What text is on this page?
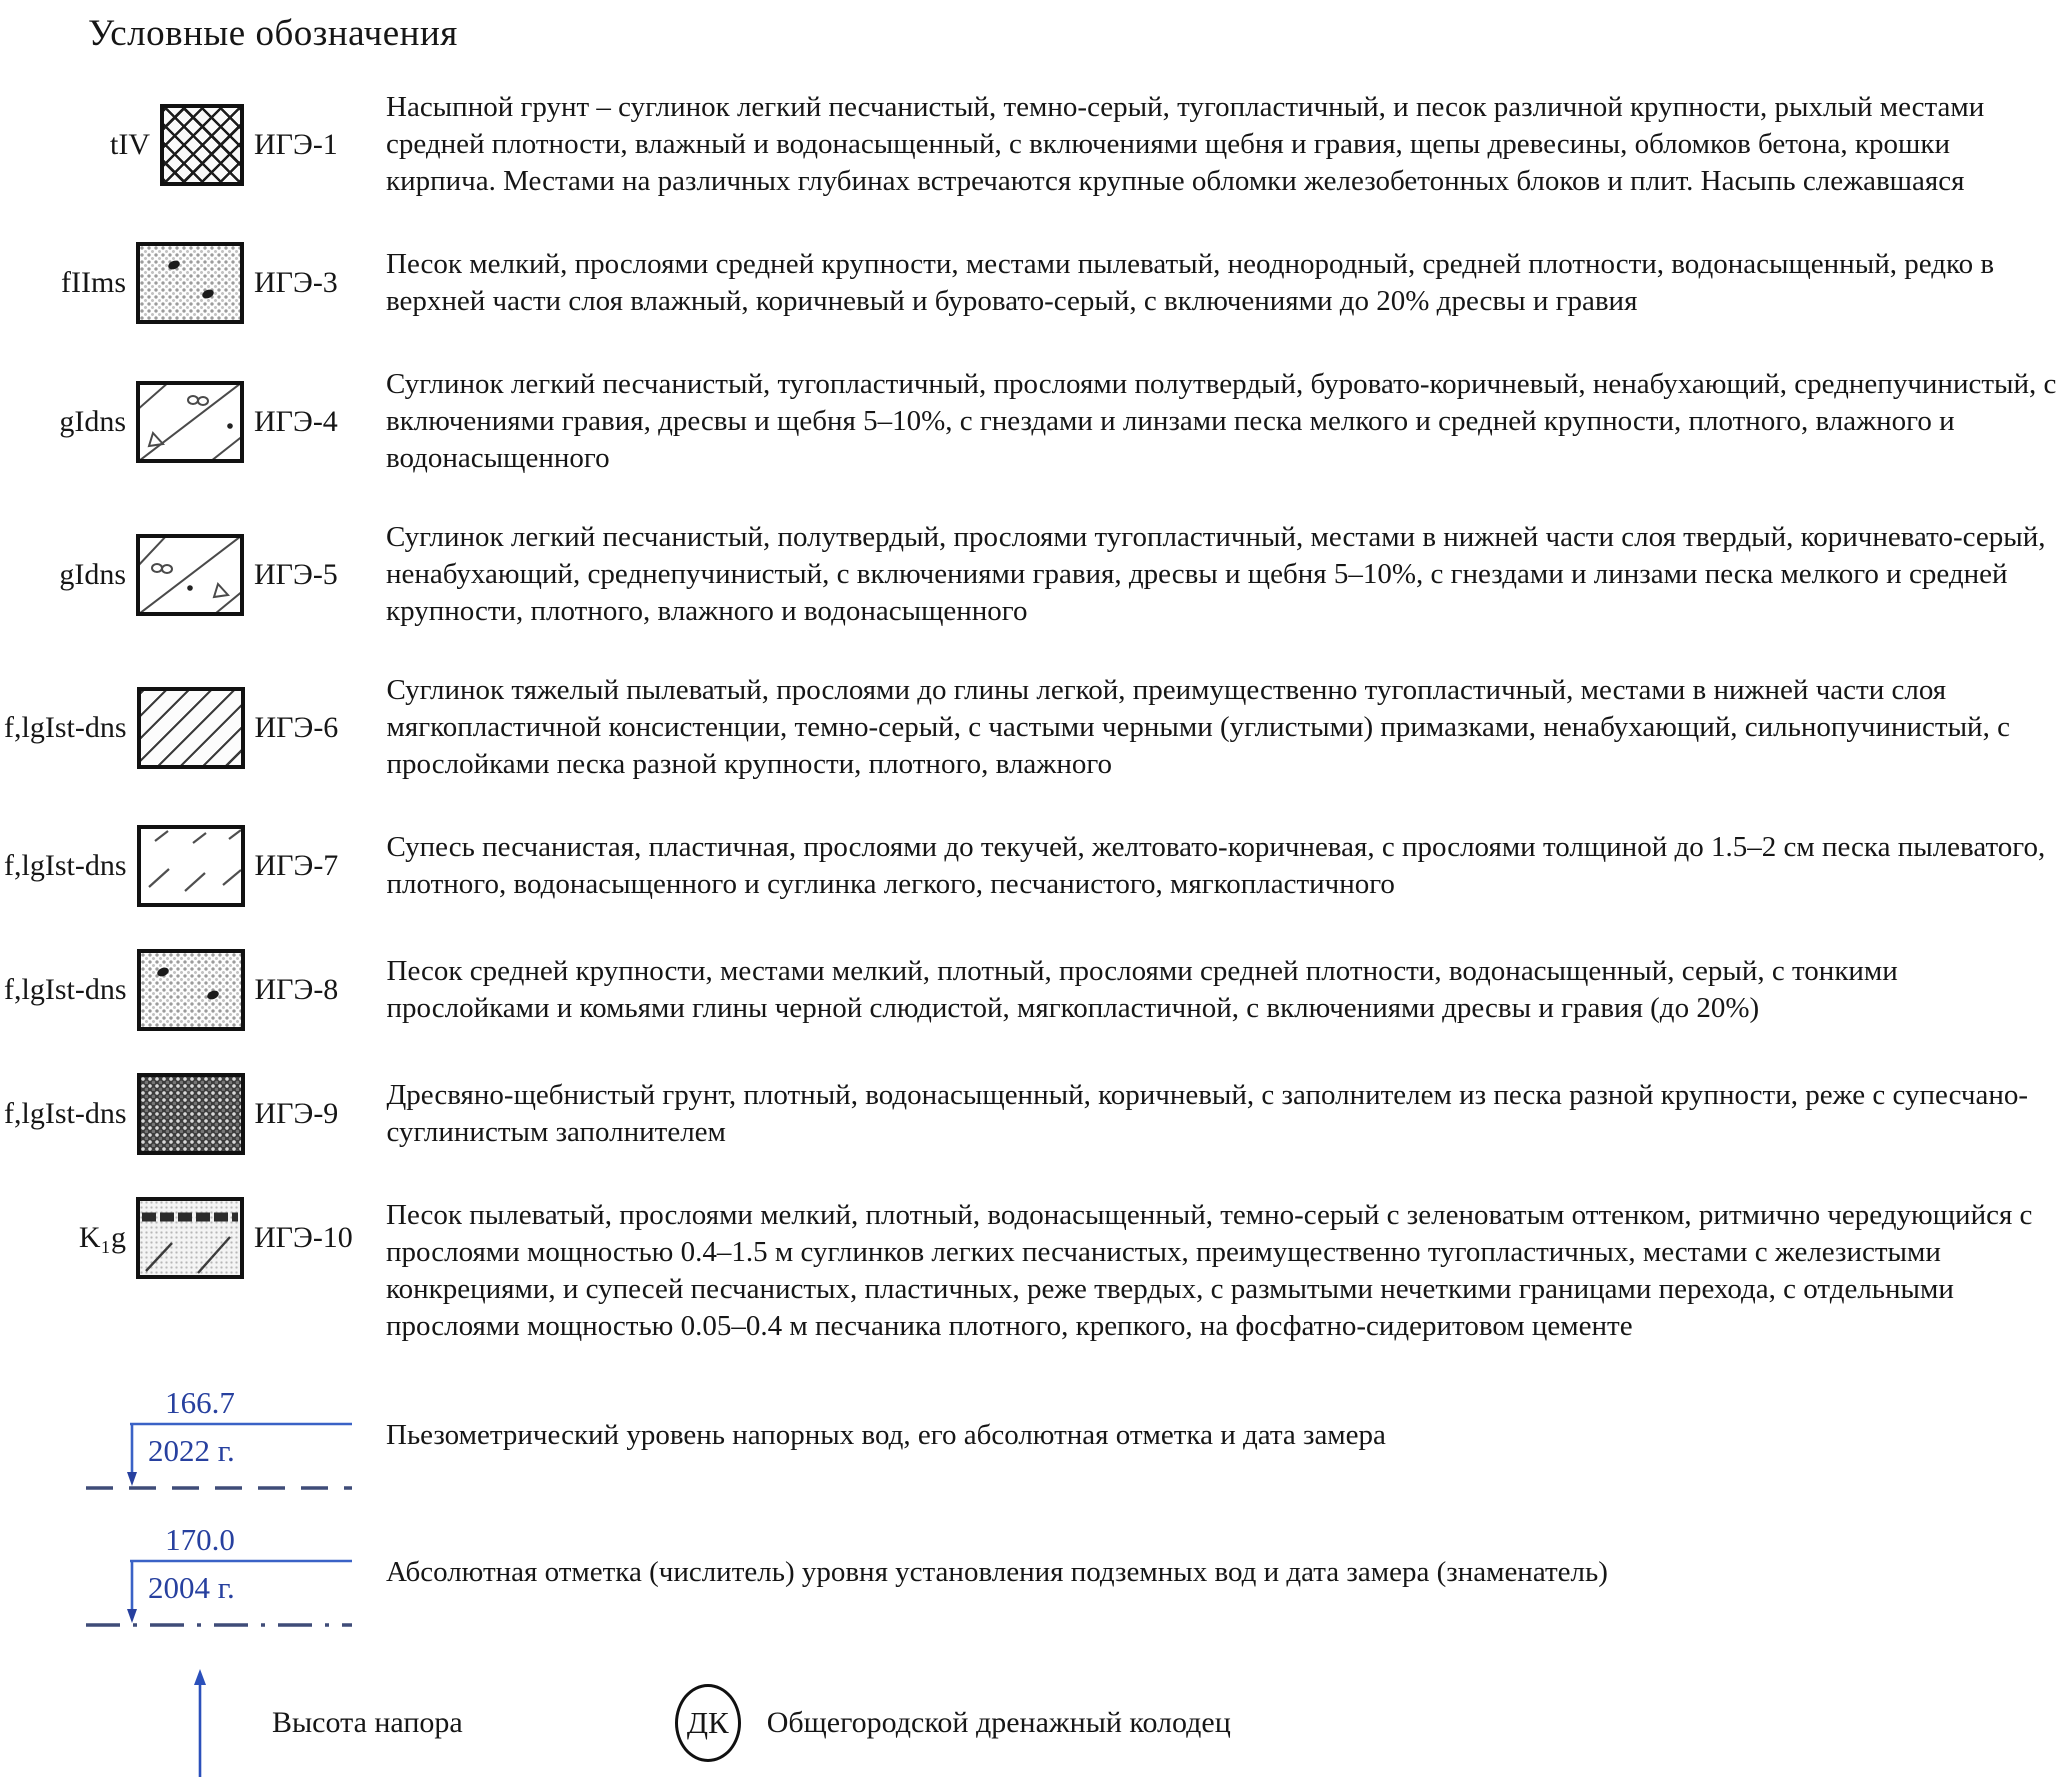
Условные обозначения
tIV	ИГЭ-1

Насыпной грунт – суглинок легкий песчанистый, темно-серый, тугопластичный, и песок различной крупности, рыхлый местами средней плотности, влажный и водонасыщенный, с включениями щебня и гравия, щепы древесины, обломков бетона, крошки кирпича. Местами на различных глубинах встречаются крупные обломки железобетонных блоков и плит. Насыпь слежавшаяся

fIIms	ИГЭ-3

Песок мелкий, прослоями средней крупности, местами пылеватый, неоднородный, средней плотности, водонасыщенный, редко в верхней части слоя влажный, коричневый и буровато-серый, с включениями до 20% дресвы и гравия

gIdns	ИГЭ-4

Суглинок легкий песчанистый, тугопластичный, прослоями полутвердый, буровато-коричневый, ненабухающий, среднепучинистый, с включениями гравия, дресвы и щебня 5–10%, с гнездами и линзами песка мелкого и средней крупности, плотного, влажного и водонасыщенного

gIdns	ИГЭ-5

Суглинок легкий песчанистый, полутвердый, прослоями тугопластичный, местами в нижней части слоя твердый, коричневато-серый, ненабухающий, среднепучинистый, с включениями гравия, дресвы и щебня 5–10%, с гнездами и линзами песка мелкого и средней крупности, плотного, влажного и водонасыщенного

f,lgIst-dns	ИГЭ-6

Суглинок тяжелый пылеватый, прослоями до глины легкой, преимущественно тугопластичный, местами в нижней части слоя мягкопластичной консистенции, темно-серый, с частыми черными (углистыми) примазками, ненабухающий, сильнопучинистый, с прослойками песка разной крупности, плотного, влажного

f,lgIst-dns	ИГЭ-7

Супесь песчанистая, пластичная, прослоями до текучей, желтовато-коричневая, с прослоями толщиной до 1.5–2 см песка пылеватого, плотного, водонасыщенного и суглинка легкого, песчанистого, мягкопластичного

f,lgIst-dns	ИГЭ-8

Песок средней крупности, местами мелкий, плотный, прослоями средней плотности, водонасыщенный, серый, с тонкими прослойками и комьями глины черной слюдистой, мягкопластичной, с включениями дресвы и гравия (до 20%)

f,lgIst-dns	ИГЭ-9

Дресвяно-щебнистый грунт, плотный, водонасыщенный, коричневый, с заполнителем из песка разной крупности, реже с супесчано-суглинистым заполнителем

K₁g	ИГЭ-10

Песок пылеватый, прослоями мелкий, плотный, водонасыщенный, темно-серый с зеленоватым оттенком, ритмично чередующийся с прослоями мощностью 0.4–1.5 м суглинков легких песчанистых, преимущественно тугопластичных, местами с железистыми конкрециями, и супесей песчанистых, пластичных, реже твердых, с размытыми нечеткими границами перехода, с отдельными прослоями мощностью 0.05–0.4 м песчаника плотного, крепкого, на фосфатно-сидеритовом цементе

166.7
2022 г.	Пьезометрический уровень напорных вод, его абсолютная отметка и дата замера

170.0
2004 г.	Абсолютная отметка (числитель) уровня установления подземных вод и дата замера (знаменатель)

Высота напора	ДК Общегородской дренажный колодец
